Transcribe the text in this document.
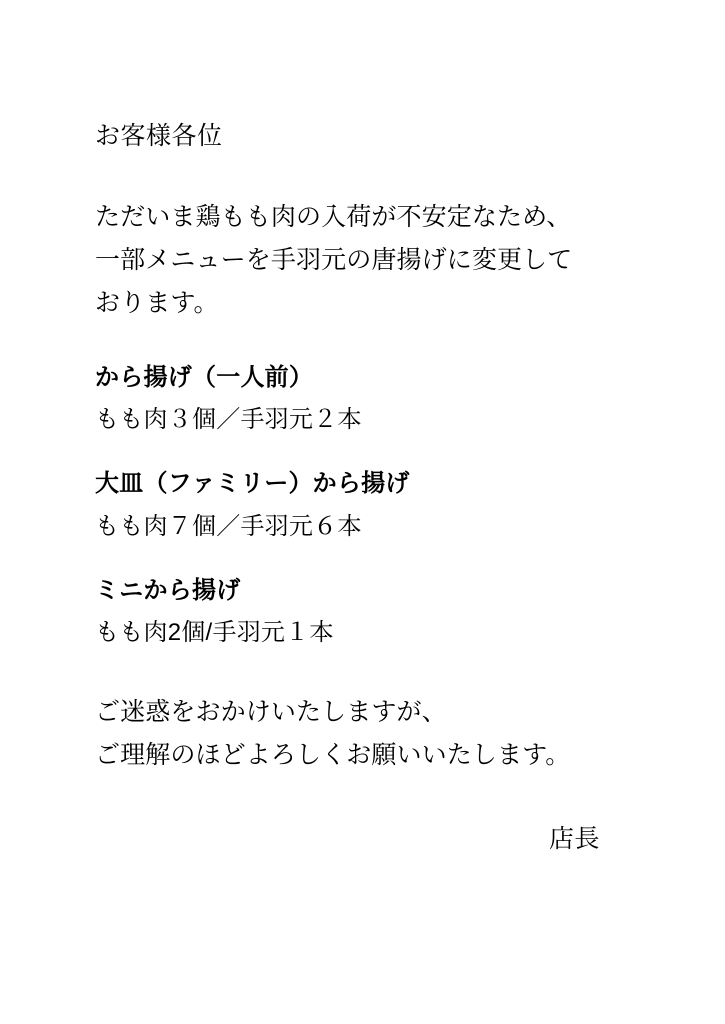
お客様各位

ただいま鶏もも肉の入荷が不安定なため、
一部メニューを手羽元の唐揚げに変更して
おります。

から揚げ（一人前）

もも肉３個／手羽元２本

大皿（ファミリー）から揚げ

もも肉７個／手羽元６本

ミニから揚げ

もも肉2個/手羽元１本

ご迷惑をおかけいたしますが、
ご理解のほどよろしくお願いいたします。

店長
